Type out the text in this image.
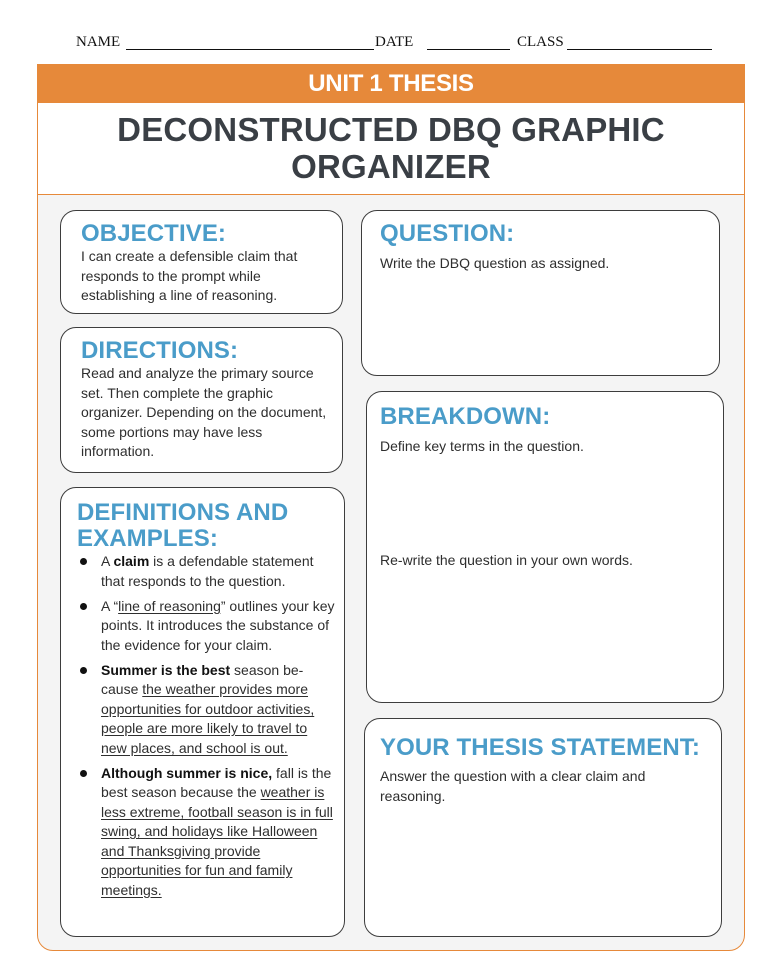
NAME	DATE	CLASS
UNIT 1 THESIS
DECONSTRUCTED DBQ GRAPHIC
ORGANIZER
OBJECTIVE:

I can create a defensible claim that responds to the prompt while establishing a line of reasoning.

DIRECTIONS:

Read and analyze the primary source set. Then complete the graphic organizer. Depending on the document, some portions may have less information.

DEFINITIONS AND EXAMPLES:
A claim is a defendable statement that responds to the question.
A “line of reasoning” outlines your key points. It introduces the substance of the evidence for your claim.
Summer is the best season be-cause the weather provides more opportunities for outdoor activities, people are more likely to travel to new places, and school is out.
Although summer is nice, fall is the best season because the weather is less extreme, football season is in full swing, and holidays like Halloween and Thanksgiving provide opportunities for fun and family meetings.
QUESTION:

Write the DBQ question as assigned.

BREAKDOWN:

Define key terms in the question.

Re-write the question in your own words.

YOUR THESIS STATEMENT:

Answer the question with a clear claim and reasoning.
